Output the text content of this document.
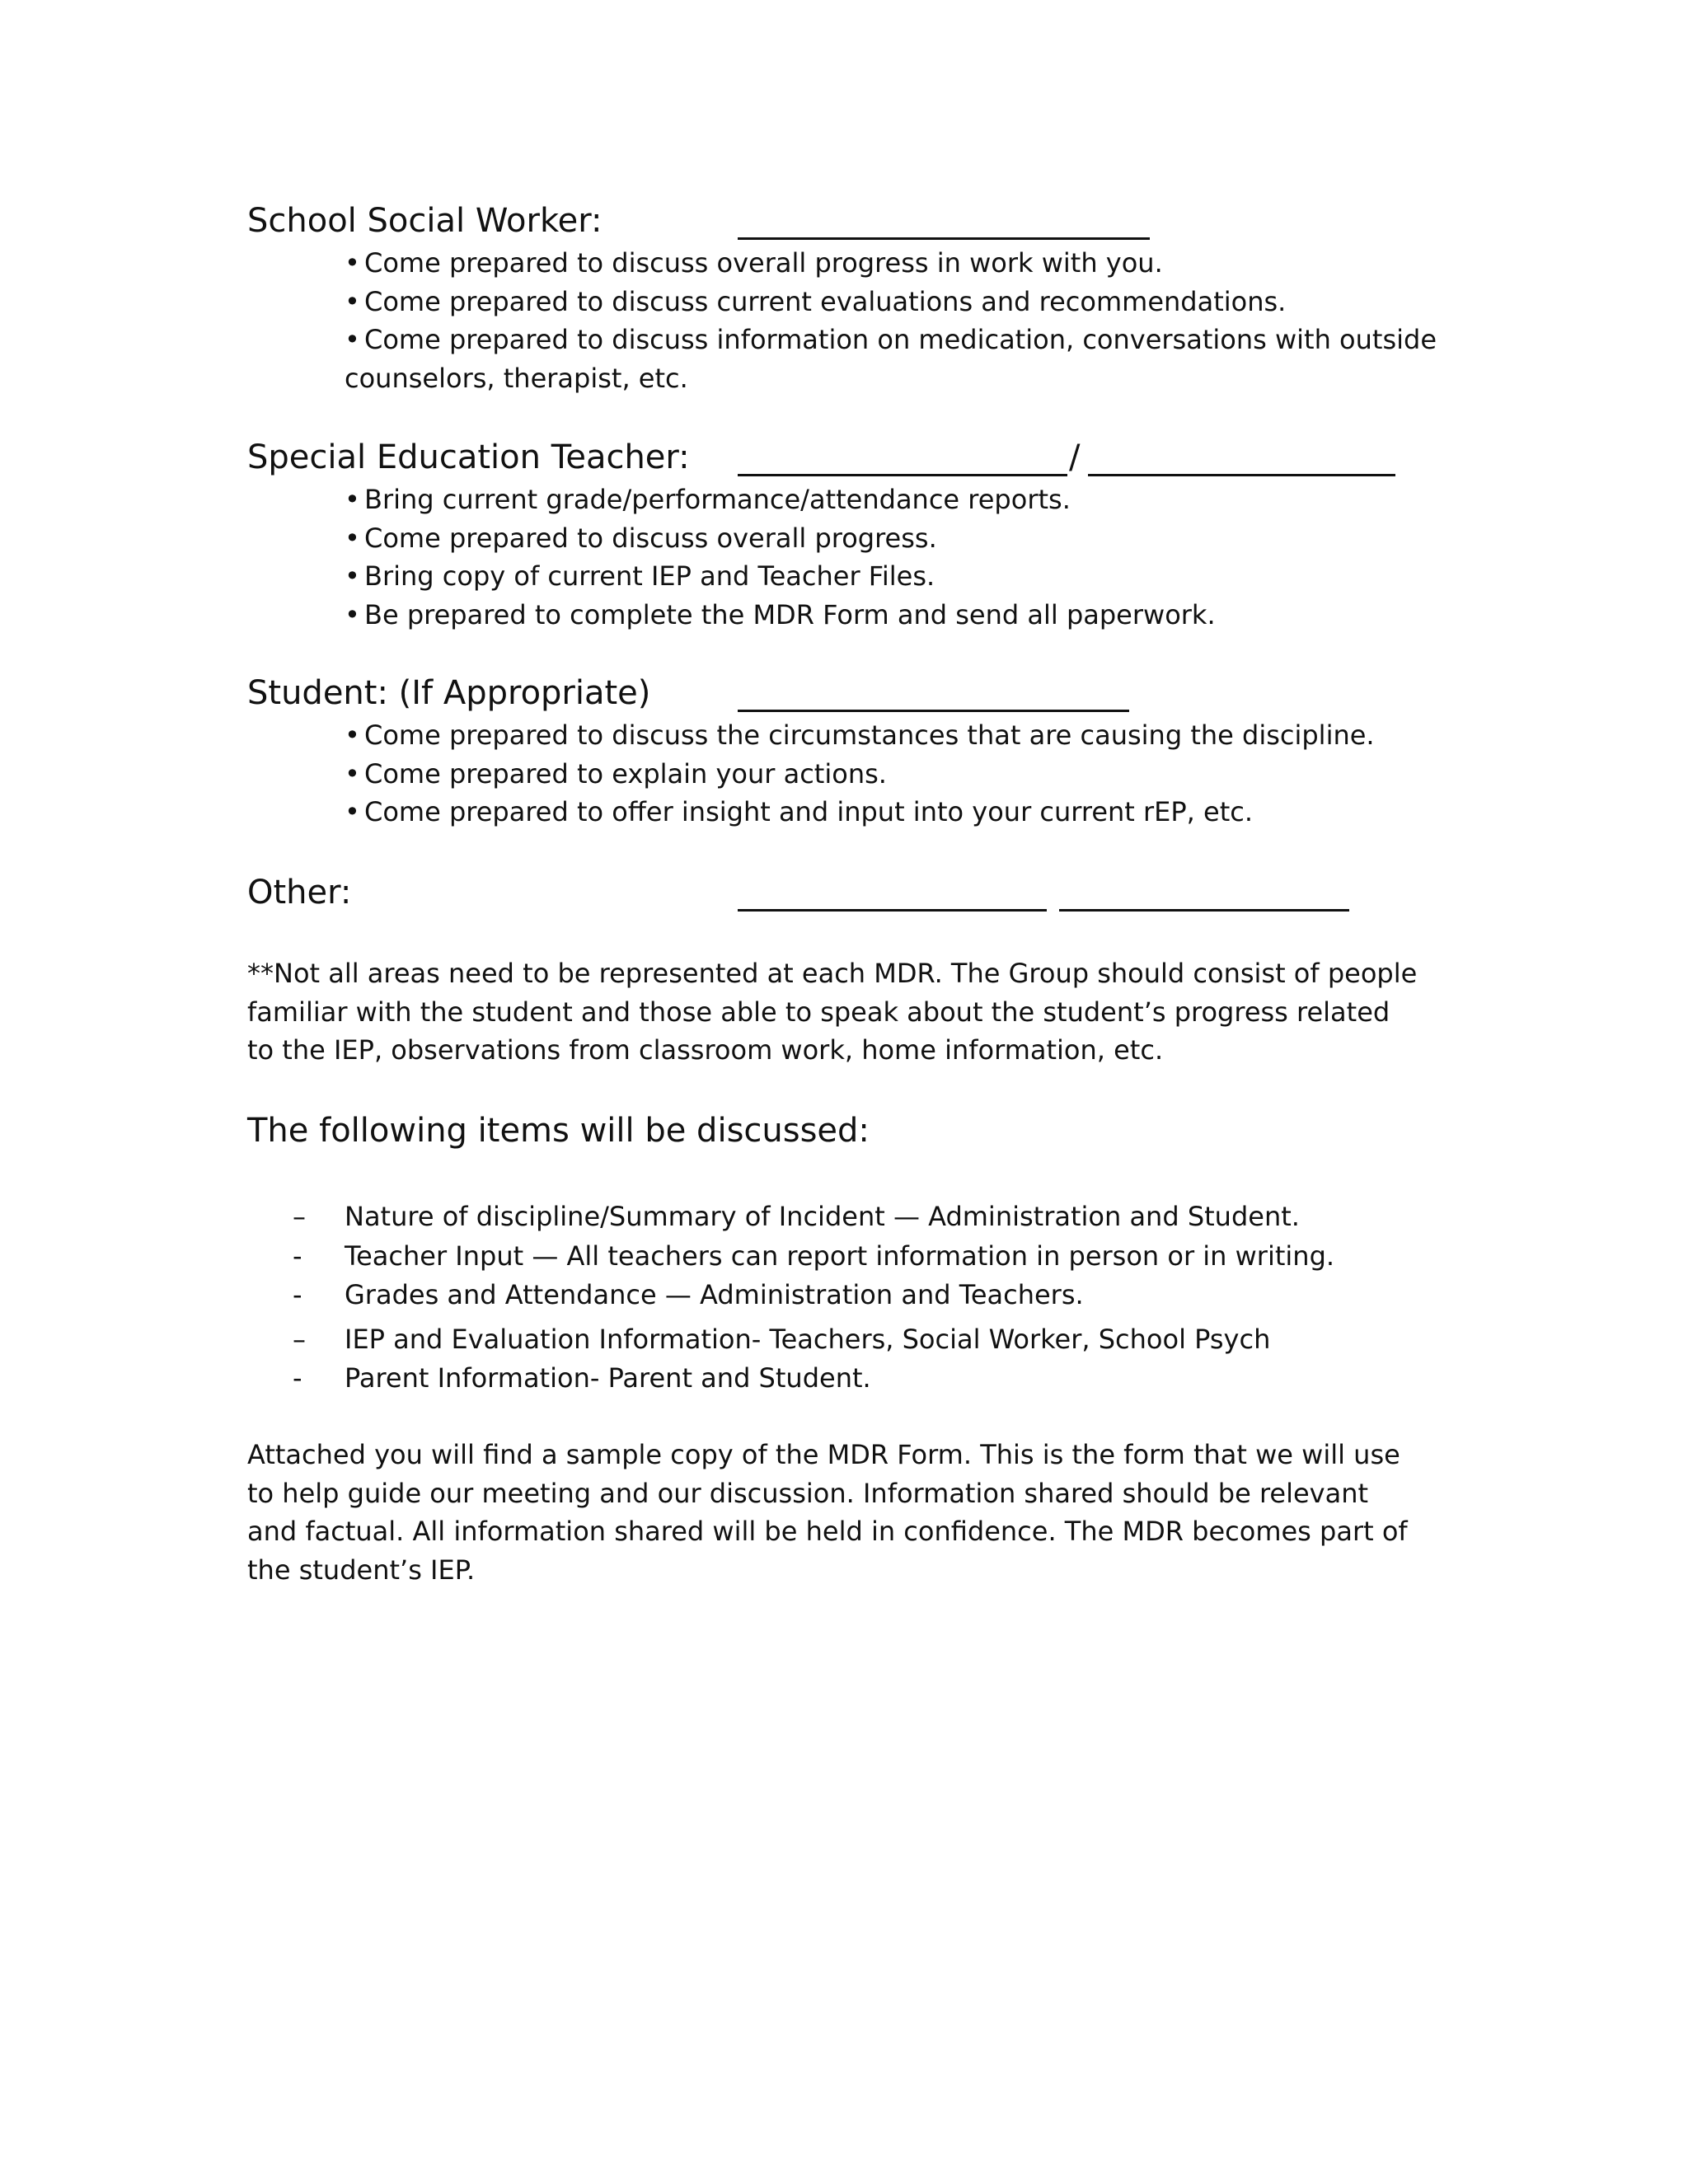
School Social Worker:
• Come prepared to discuss overall progress in work with you.
• Come prepared to discuss current evaluations and recommendations.
• Come prepared to discuss information on medication, conversations with outside counselors, therapist, etc.
Special Education Teacher:	/
• Bring current grade/performance/attendance reports.
• Come prepared to discuss overall progress.
• Bring copy of current IEP and Teacher Files.
• Be prepared to complete the MDR Form and send all paperwork.
Student: (If Appropriate)
• Come prepared to discuss the circumstances that are causing the discipline.
• Come prepared to explain your actions.
• Come prepared to offer insight and input into your current rEP, etc.
Other:

**Not all areas need to be represented at each MDR. The Group should consist of people familiar with the student and those able to speak about the student’s progress related to the IEP, observations from classroom work, home information, etc.

The following items will be discussed:
– Nature of discipline/Summary of Incident — Administration and Student.
- Teacher Input — All teachers can report information in person or in writing.
- Grades and Attendance — Administration and Teachers.
– IEP and Evaluation Information- Teachers, Social Worker, School Psych
- Parent Information- Parent and Student.

Attached you will find a sample copy of the MDR Form. This is the form that we will use to help guide our meeting and our discussion. Information shared should be relevant and factual. All information shared will be held in confidence. The MDR becomes part of the student’s IEP.
